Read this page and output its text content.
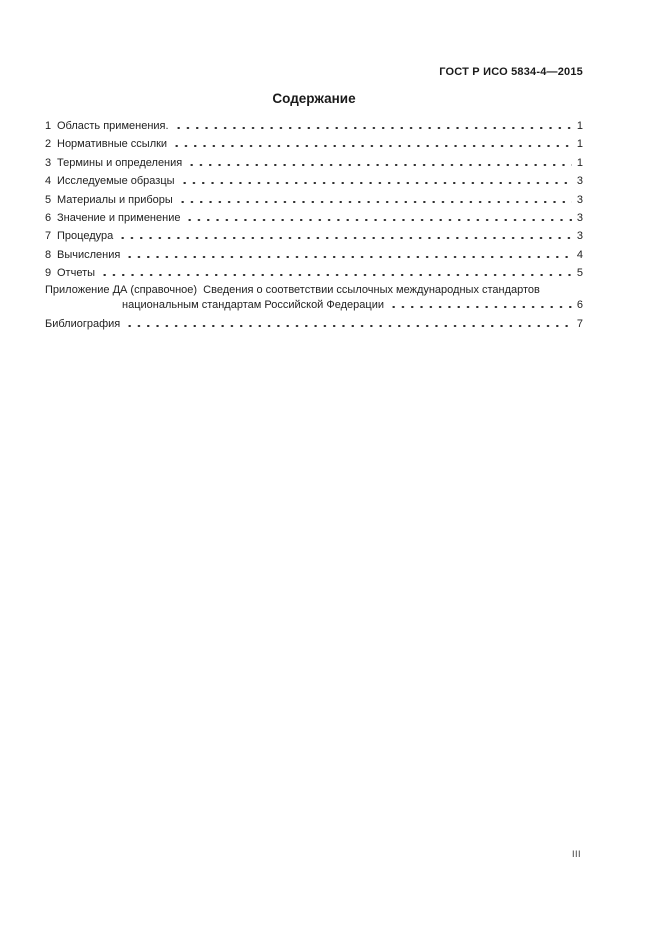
ГОСТ Р ИСО 5834-4—2015
Содержание
1 Область применения.	1
2 Нормативные ссылки	1
3 Термины и определения	1
4 Исследуемые образцы	3
5 Материалы и приборы	3
6 Значение и применение	3
7 Процедура	3
8 Вычисления	4
9 Отчеты	5
Приложение ДА (справочное)  Сведения о соответствии ссылочных международных стандартов
национальным стандартам Российской Федерации	6
Библиография	7
III
